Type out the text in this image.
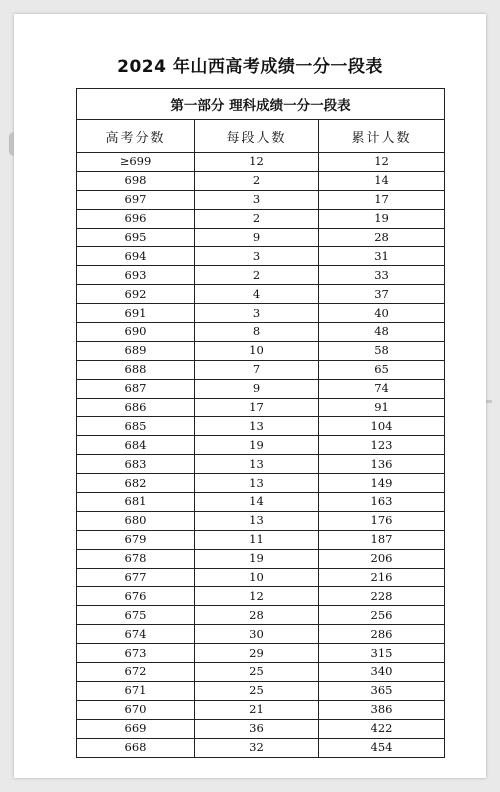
2024 年山西高考成绩一分一段表
第一部分 理科成绩一分一段表		
高考分数	每段人数	累计人数
≥699	12	12
698	2	14
697	3	17
696	2	19
695	9	28
694	3	31
693	2	33
692	4	37
691	3	40
690	8	48
689	10	58
688	7	65
687	9	74
686	17	91
685	13	104
684	19	123
683	13	136
682	13	149
681	14	163
680	13	176
679	11	187
678	19	206
677	10	216
676	12	228
675	28	256
674	30	286
673	29	315
672	25	340
671	25	365
670	21	386
669	36	422
668	32	454
